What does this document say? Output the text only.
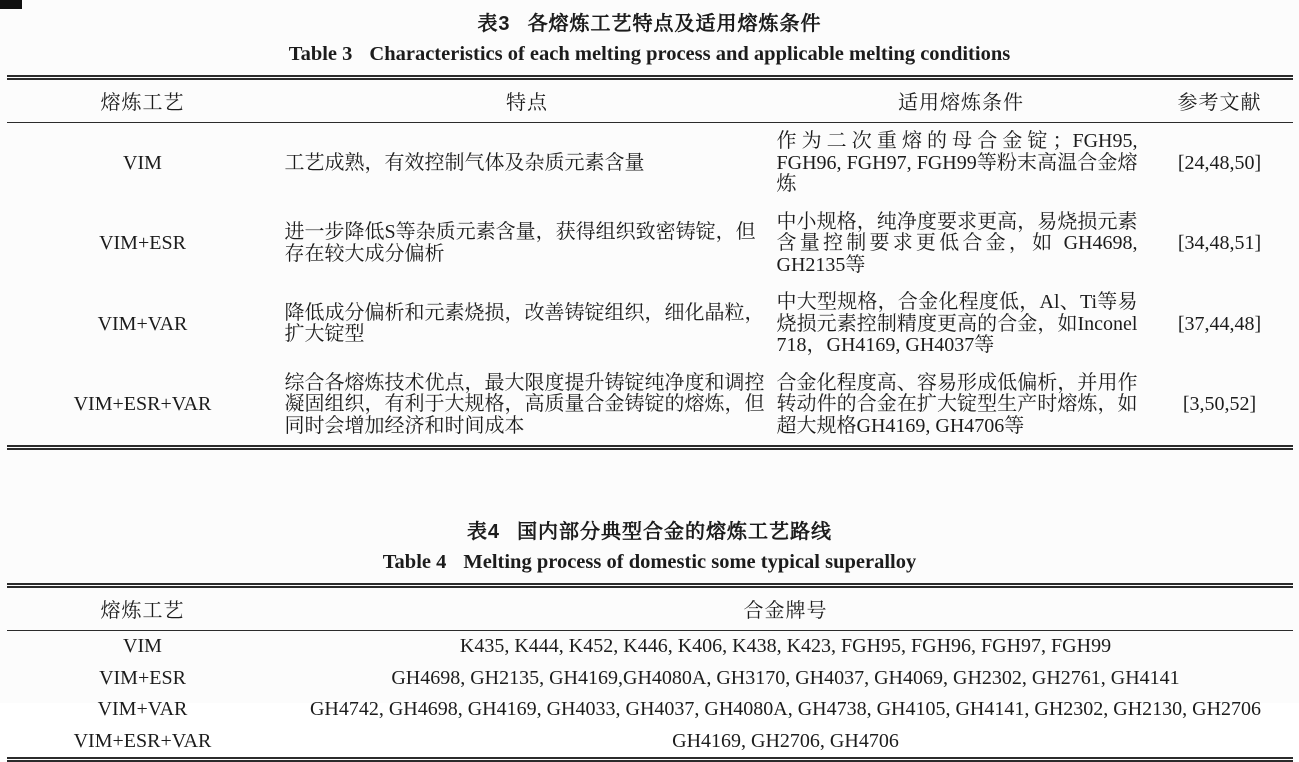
表3 各熔炼工艺特点及适用熔炼条件
Table 3 Characteristics of each melting process and applicable melting conditions
熔炼工艺	特点	适用熔炼条件	参考文献
VIM	工艺成熟，有效控制气体及杂质元素含量	作为二次重熔的母合金锭；FGH95, FGH96, FGH97, FGH99等粉末高温合金熔炼	[24,48,50]
VIM+ESR	进一步降低S等杂质元素含量，获得组织致密铸锭，但存在较大成分偏析	中小规格，纯净度要求更高，易烧损元素含量控制要求更低合金，如 GH4698, GH2135等	[34,48,51]
VIM+VAR	降低成分偏析和元素烧损，改善铸锭组织，细化晶粒，扩大锭型	中大型规格，合金化程度低，Al、Ti等易烧损元素控制精度更高的合金，如Inconel 718，GH4169, GH4037等	[37,44,48]
VIM+ESR+VAR	综合各熔炼技术优点，最大限度提升铸锭纯净度和调控凝固组织，有利于大规格，高质量合金铸锭的熔炼，但同时会增加经济和时间成本	合金化程度高、容易形成低偏析，并用作转动件的合金在扩大锭型生产时熔炼，如超大规格GH4169, GH4706等	[3,50,52]
表4 国内部分典型合金的熔炼工艺路线
Table 4 Melting process of domestic some typical superalloy
熔炼工艺	合金牌号
VIM	K435, K444, K452, K446, K406, K438, K423, FGH95, FGH96, FGH97, FGH99
VIM+ESR	GH4698, GH2135, GH4169,GH4080A, GH3170, GH4037, GH4069, GH2302, GH2761, GH4141
VIM+VAR	GH4742, GH4698, GH4169, GH4033, GH4037, GH4080A, GH4738, GH4105, GH4141, GH2302, GH2130, GH2706
VIM+ESR+VAR	GH4169, GH2706, GH4706
